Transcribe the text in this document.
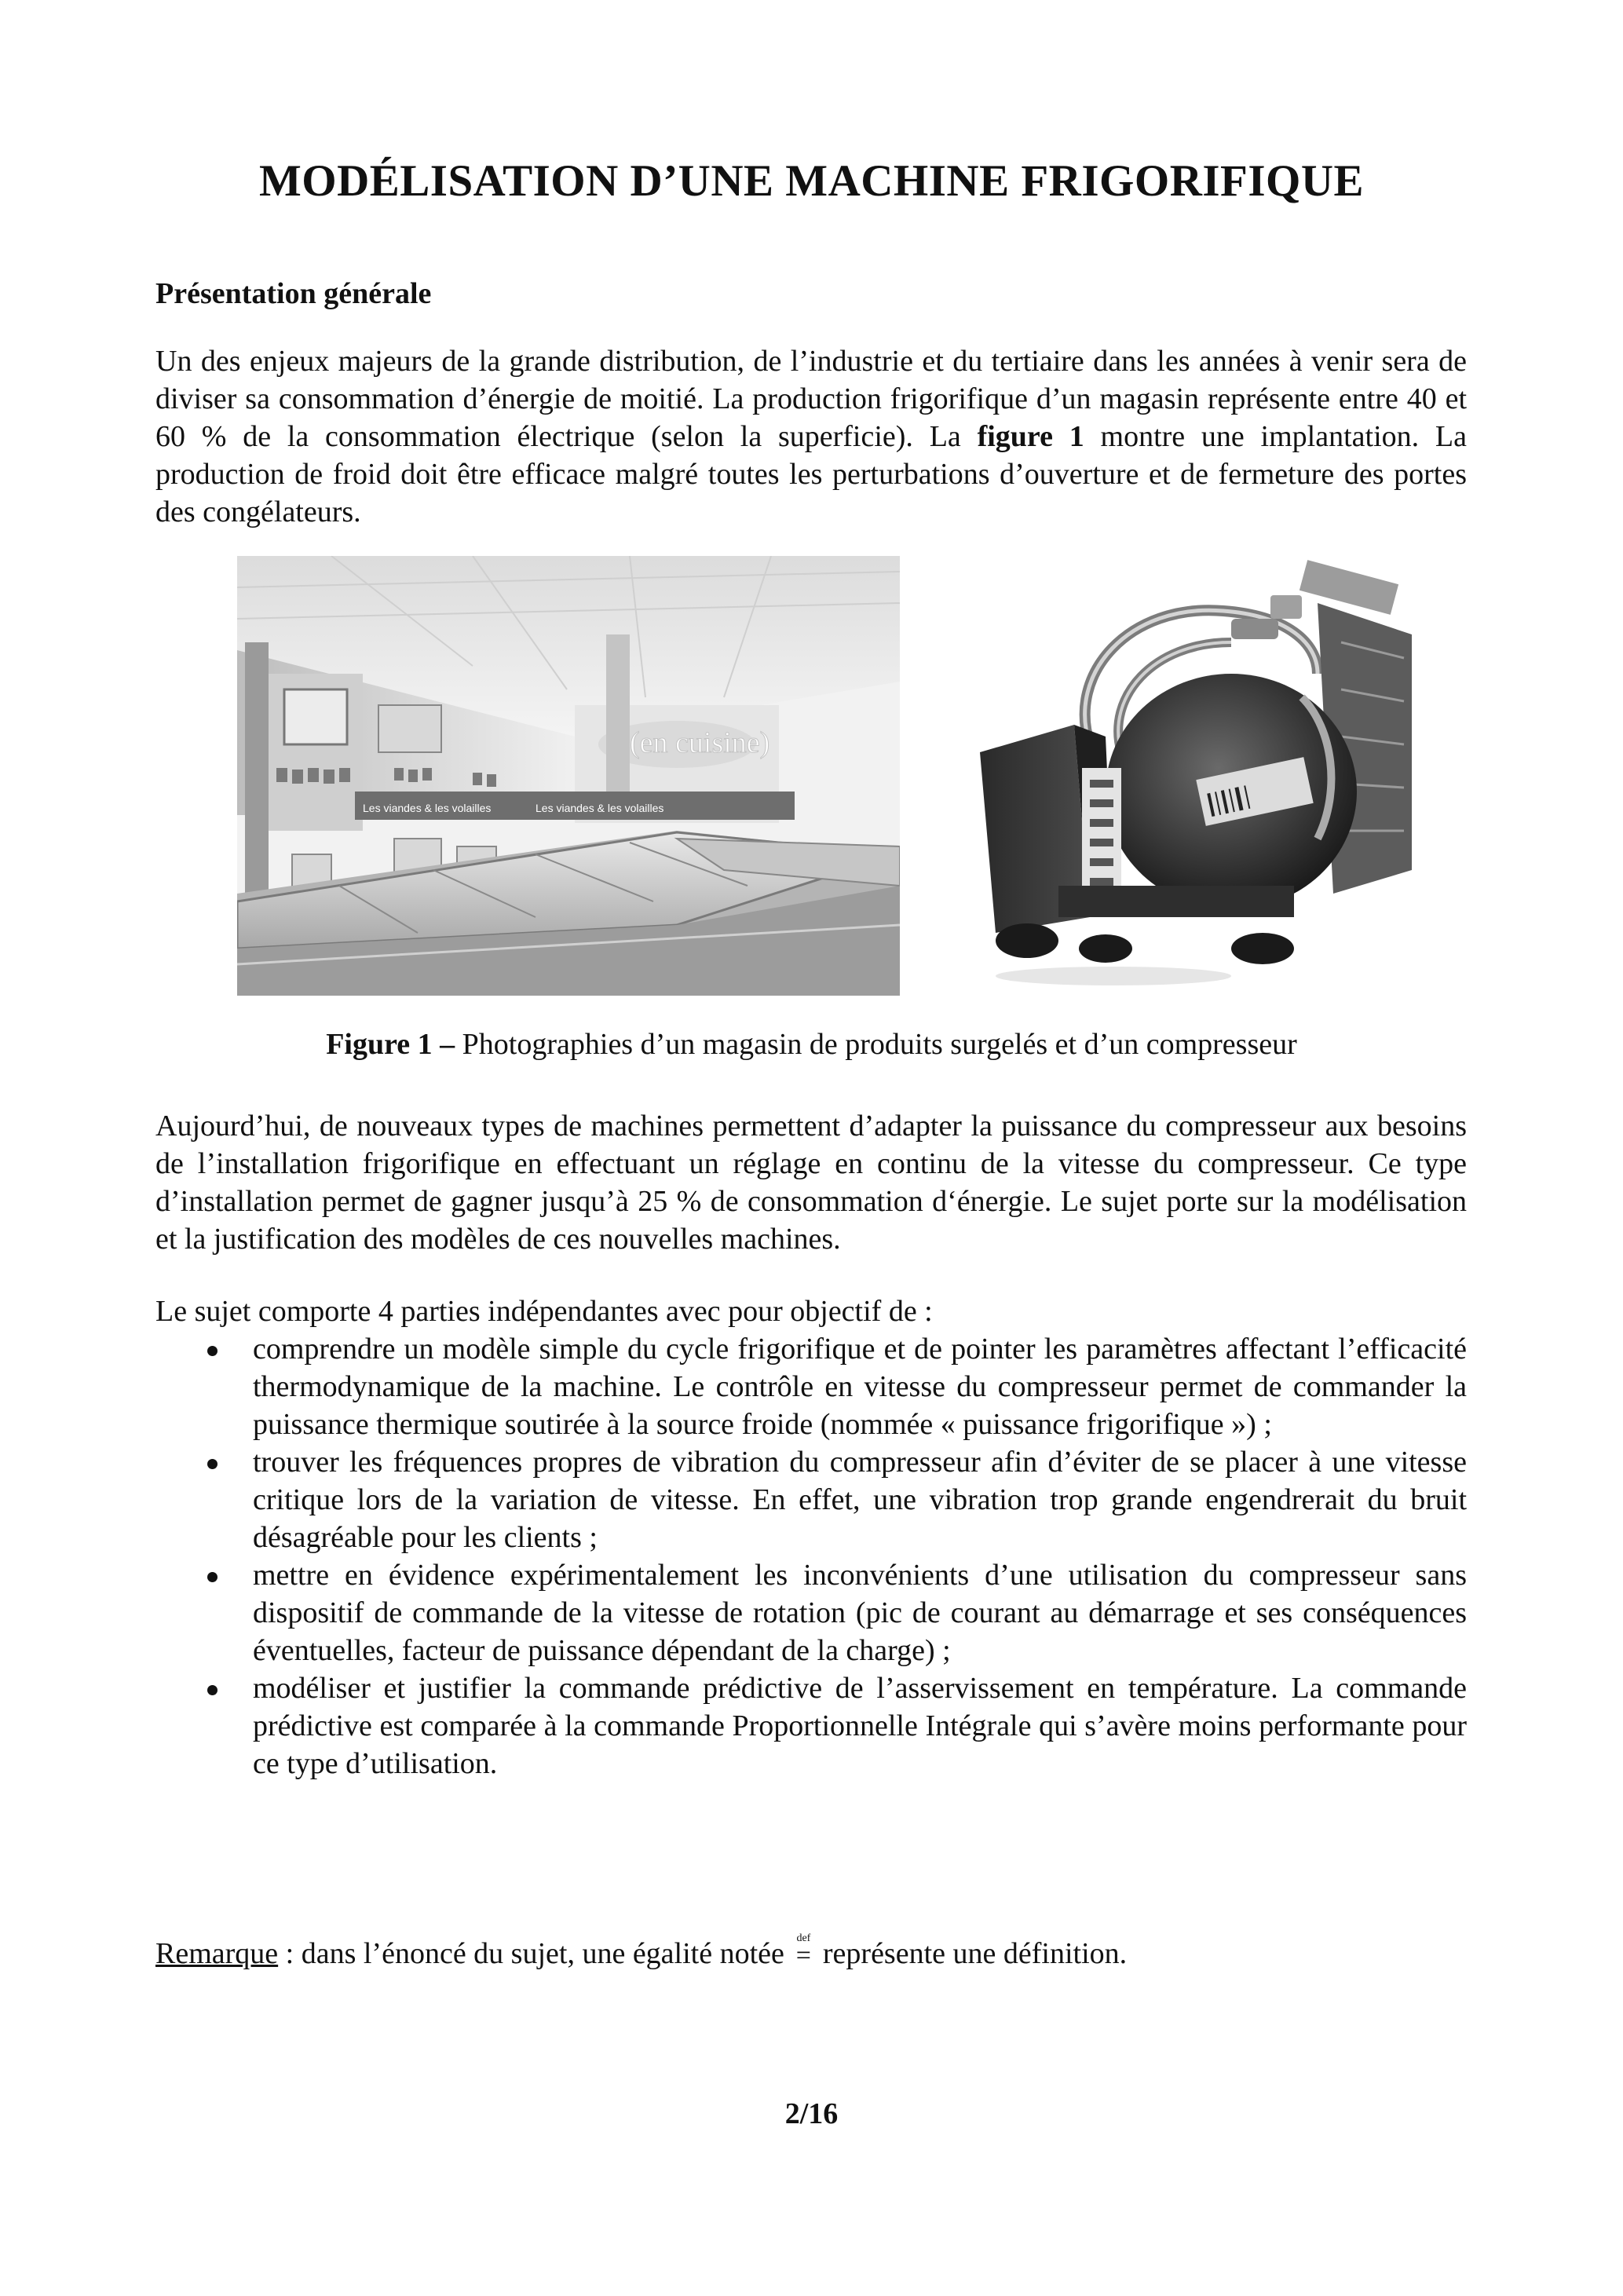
MODÉLISATION D’UNE MACHINE FRIGORIFIQUE
Présentation générale

Un des enjeux majeurs de la grande distribution, de l’industrie et du tertiaire dans les années à venir sera de diviser sa consommation d’énergie de moitié. La production frigorifique d’un magasin représente entre 40 et 60 % de la consommation électrique (selon la superficie). La figure 1 montre une implantation. La production de froid doit être efficace malgré toutes les perturbations d’ouverture et de fermeture des portes des congélateurs.

(en cuisine)
Les viandes & les volailles	Les viandes & les volailles

Figure 1 – Photographies d’un magasin de produits surgelés et d’un compresseur

Aujourd’hui, de nouveaux types de machines permettent d’adapter la puissance du compresseur aux besoins de l’installation frigorifique en effectuant un réglage en continu de la vitesse du compresseur. Ce type d’installation permet de gagner jusqu’à 25 % de consommation d‘énergie. Le sujet porte sur la modélisation et la justification des modèles de ces nouvelles machines.

Le sujet comporte 4 parties indépendantes avec pour objectif de :

comprendre un modèle simple du cycle frigorifique et de pointer les paramètres affectant l’efficacité thermodynamique de la machine. Le contrôle en vitesse du compresseur permet de commander la puissance thermique soutirée à la source froide (nommée « puissance frigorifique ») ;
trouver les fréquences propres de vibration du compresseur afin d’éviter de se placer à une vitesse critique lors de la variation de vitesse. En effet, une vibration trop grande engendrerait du bruit désagréable pour les clients ;
mettre en évidence expérimentalement les inconvénients d’une utilisation du compresseur sans dispositif de commande de la vitesse de rotation (pic de courant au démarrage et ses conséquences éventuelles, facteur de puissance dépendant de la charge) ;
modéliser et justifier la commande prédictive de l’asservissement en température. La commande prédictive est comparée à la commande Proportionnelle Intégrale qui s’avère moins performante pour ce type d’utilisation.

Remarque : dans l’énoncé du sujet, une égalité notée def
= représente une définition.

2/16
